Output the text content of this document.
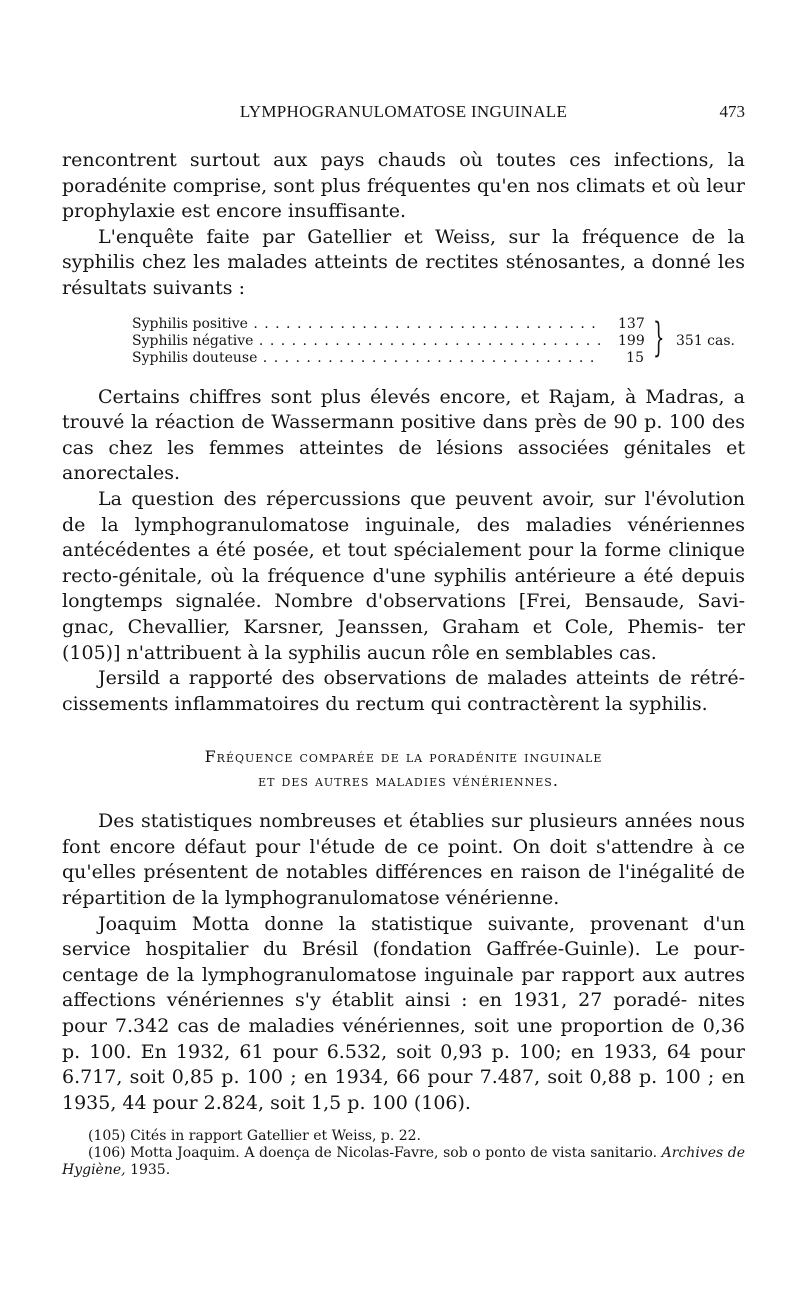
LYMPHOGRANULOMATOSE INGUINALE	473

rencontrent surtout aux pays chauds où toutes ces infections, la poradénite comprise, sont plus fréquentes qu'en nos climats et où leur prophylaxie est encore insuffisante.

L'enquête faite par Gatellier et Weiss, sur la fréquence de la syphilis chez les malades atteints de rectites sténosantes, a donné les résultats suivants :

Syphilis positive . . .	137
Syphilis négative . . .	199
Syphilis douteuse . . .	15 } 351 cas.

Certains chiffres sont plus élevés encore, et Rajam, à Madras, a trouvé la réaction de Wassermann positive dans près de 90 p. 100 des cas chez les femmes atteintes de lésions associées génitales et anorectales.

La question des répercussions que peuvent avoir, sur l'évolution de la lymphogranulomatose inguinale, des maladies vénériennes antécédentes a été posée, et tout spécialement pour la forme clinique recto-génitale, où la fréquence d'une syphilis antérieure a été depuis longtemps signalée. Nombre d'observations [Frei, Bensaude, Savi- gnac, Chevallier, Karsner, Jeanssen, Graham et Cole, Phemis- ter (105)] n'attribuent à la syphilis aucun rôle en semblables cas.

Jersild a rapporté des observations de malades atteints de rétré- cissements inflammatoires du rectum qui contractèrent la syphilis.

Fréquence comparée de la poradénite inguinale
et des autres maladies vénériennes.

Des statistiques nombreuses et établies sur plusieurs années nous font encore défaut pour l'étude de ce point. On doit s'attendre à ce qu'elles présentent de notables différences en raison de l'inégalité de répartition de la lymphogranulomatose vénérienne.

Joaquim Motta donne la statistique suivante, provenant d'un service hospitalier du Brésil (fondation Gaffrée-Guinle). Le pour- centage de la lymphogranulomatose inguinale par rapport aux autres affections vénériennes s'y établit ainsi : en 1931, 27 poradé- nites pour 7.342 cas de maladies vénériennes, soit une proportion de 0,36 p. 100. En 1932, 61 pour 6.532, soit 0,93 p. 100; en 1933, 64 pour 6.717, soit 0,85 p. 100 ; en 1934, 66 pour 7.487, soit 0,88 p. 100 ; en 1935, 44 pour 2.824, soit 1,5 p. 100 (106).

(105) Cités in rapport Gatellier et Weiss, p. 22.

(106) Motta Joaquim. A doença de Nicolas-Favre, sob o ponto de vista sanitario. Archives de Hygiène, 1935.
